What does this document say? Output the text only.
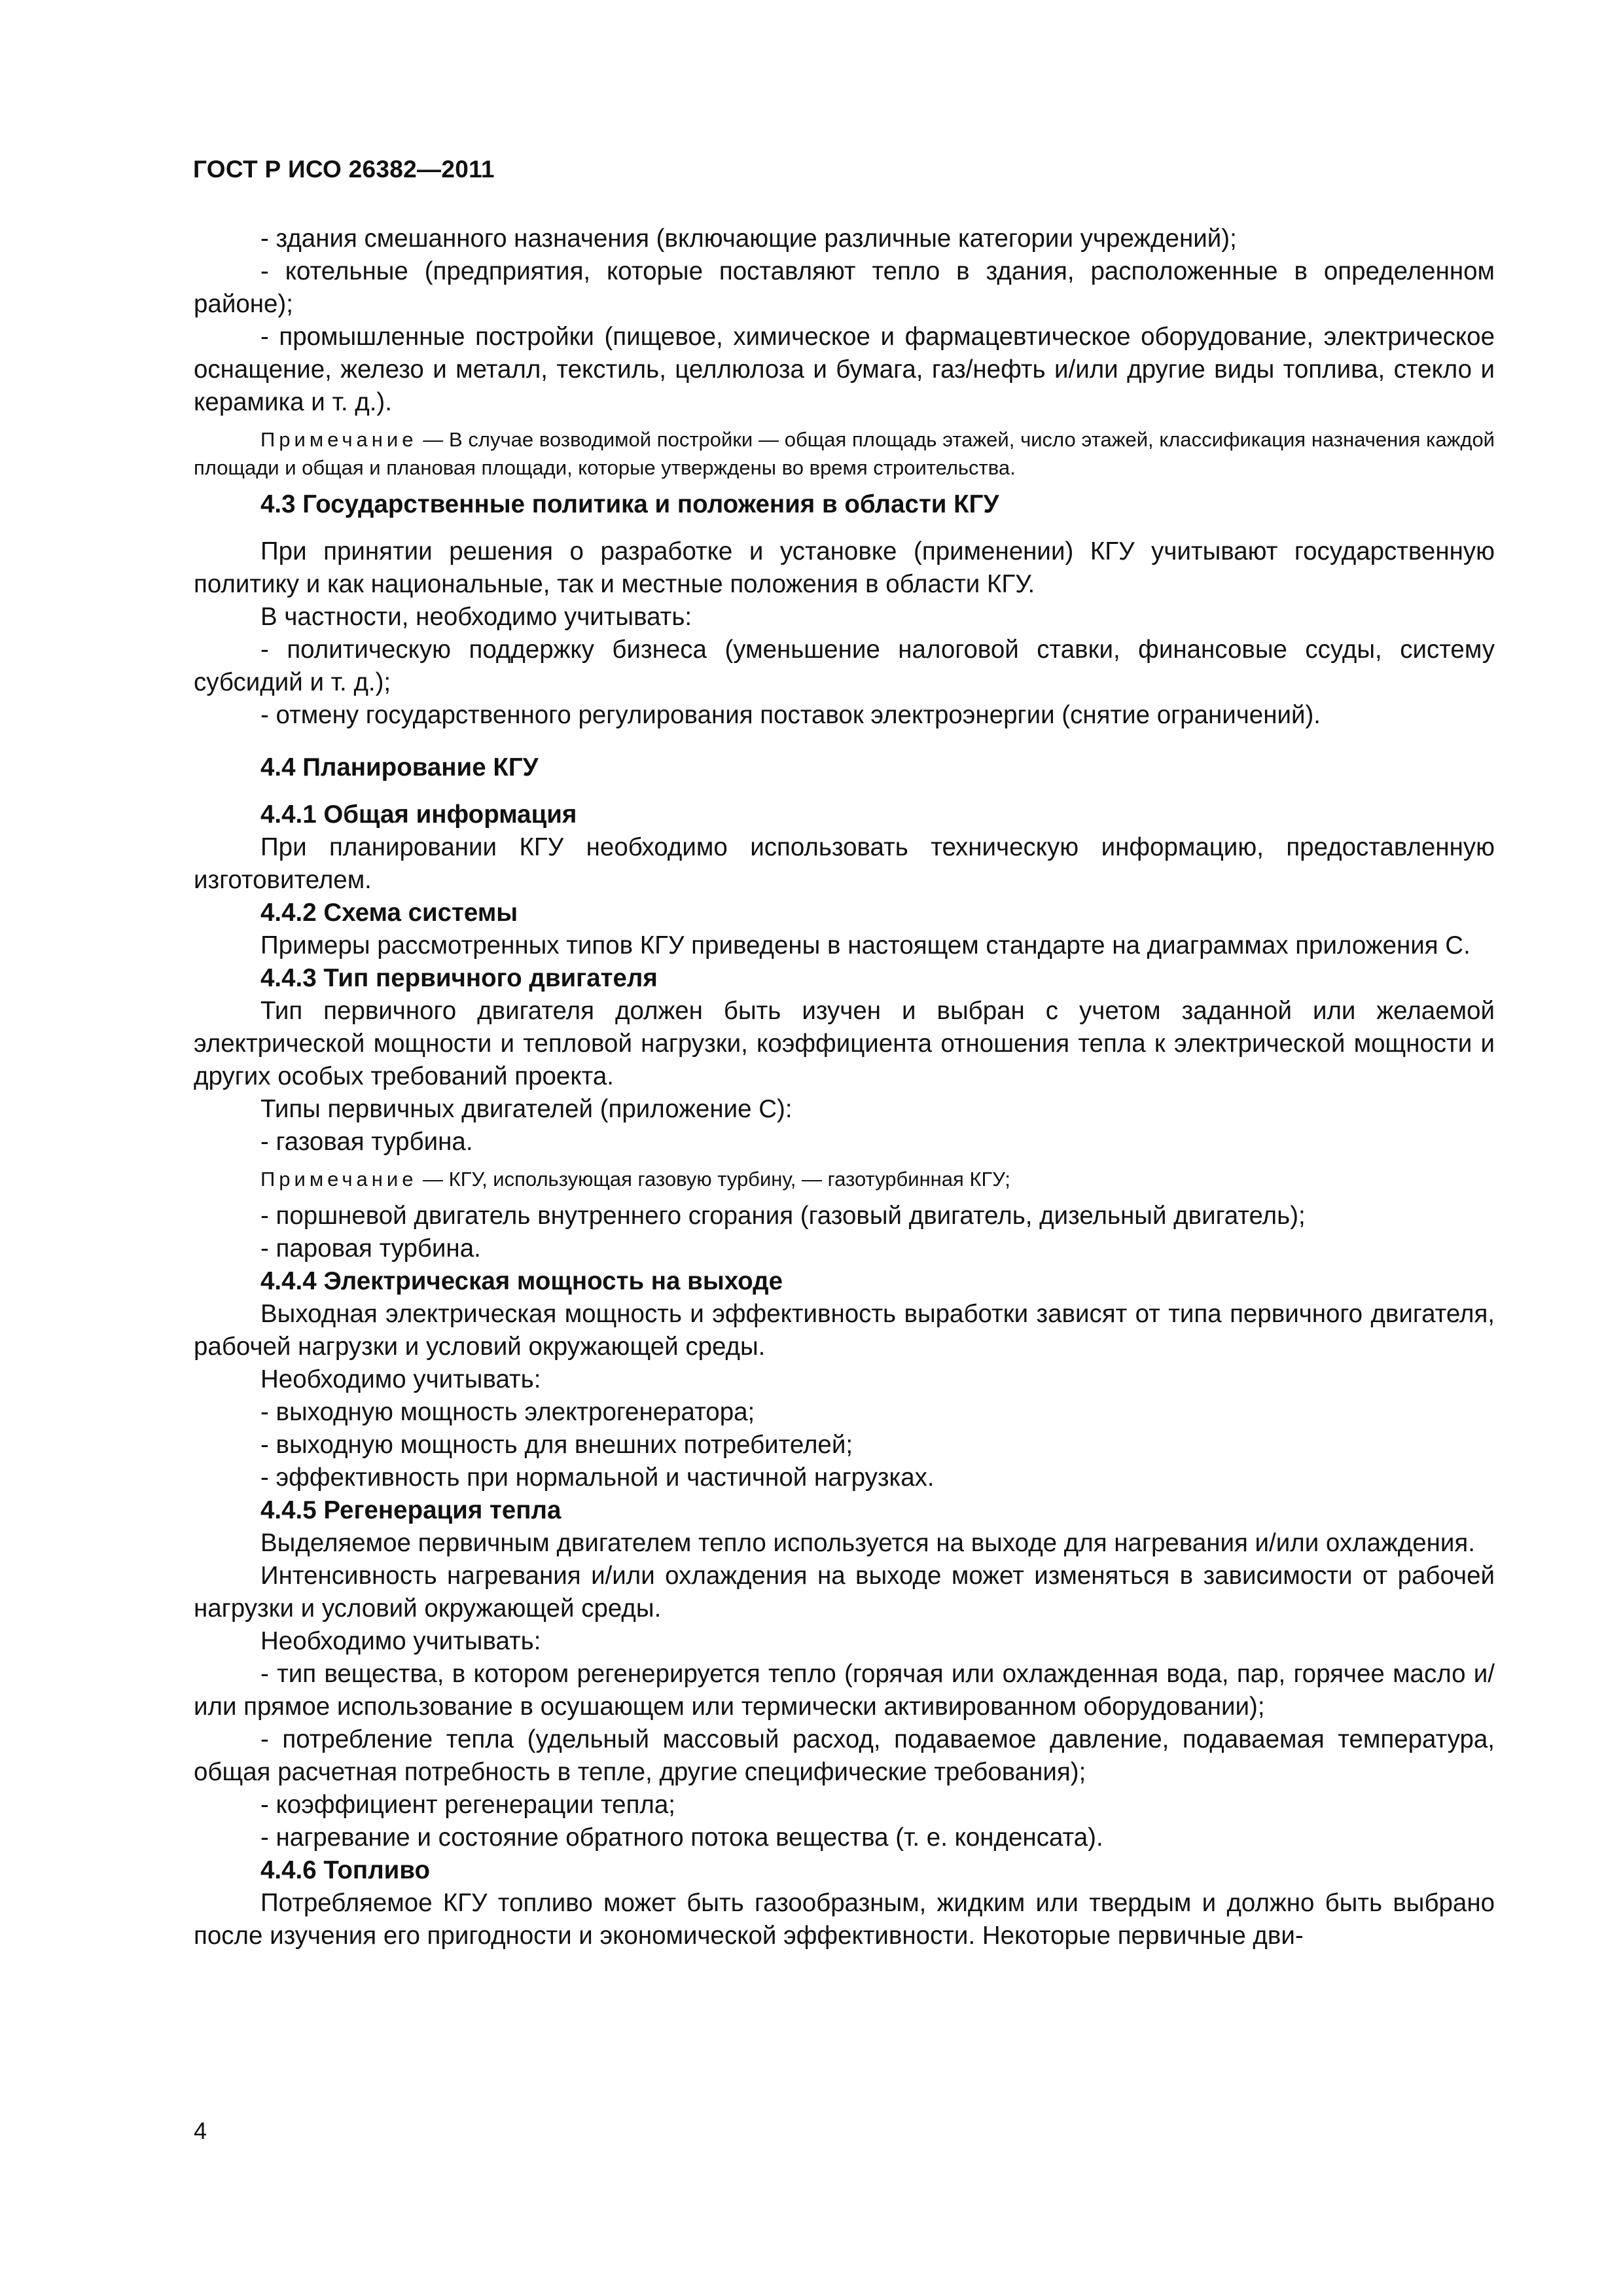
ГОСТ Р ИСО 26382—2011

- здания смешанного назначения (включающие различные категории учреждений);

- котельные (предприятия, которые поставляют тепло в здания, расположенные в определенном районе);

- промышленные постройки (пищевое, химическое и фармацевтическое оборудование, электрическое оснащение, железо и металл, текстиль, целлюлоза и бумага, газ/нефть и/или другие виды топлива, стекло и керамика и т. д.).

Примечание — В случае возводимой постройки — общая площадь этажей, число этажей, классификация назначения каждой площади и общая и плановая площади, которые утверждены во время строительства.

4.3 Государственные политика и положения в области КГУ

При принятии решения о разработке и установке (применении) КГУ учитывают государственную политику и как национальные, так и местные положения в области КГУ.

В частности, необходимо учитывать:

- политическую поддержку бизнеса (уменьшение налоговой ставки, финансовые ссуды, систему субсидий и т. д.);

- отмену государственного регулирования поставок электроэнергии (снятие ограничений).

4.4 Планирование КГУ

4.4.1 Общая информация

При планировании КГУ необходимо использовать техническую информацию, предоставленную изготовителем.

4.4.2 Схема системы

Примеры рассмотренных типов КГУ приведены в настоящем стандарте на диаграммах приложения С.

4.4.3 Тип первичного двигателя

Тип первичного двигателя должен быть изучен и выбран с учетом заданной или желаемой электрической мощности и тепловой нагрузки, коэффициента отношения тепла к электрической мощности и других особых требований проекта.

Типы первичных двигателей (приложение С):

- газовая турбина.

Примечание — КГУ, использующая газовую турбину, — газотурбинная КГУ;

- поршневой двигатель внутреннего сгорания (газовый двигатель, дизельный двигатель);

- паровая турбина.

4.4.4 Электрическая мощность на выходе

Выходная электрическая мощность и эффективность выработки зависят от типа первичного двигателя, рабочей нагрузки и условий окружающей среды.

Необходимо учитывать:

- выходную мощность электрогенератора;

- выходную мощность для внешних потребителей;

- эффективность при нормальной и частичной нагрузках.

4.4.5 Регенерация тепла

Выделяемое первичным двигателем тепло используется на выходе для нагревания и/или охлаждения.

Интенсивность нагревания и/или охлаждения на выходе может изменяться в зависимости от рабочей нагрузки и условий окружающей среды.

Необходимо учитывать:

- тип вещества, в котором регенерируется тепло (горячая или охлажденная вода, пар, горячее масло и/или прямое использование в осушающем или термически активированном оборудовании);

- потребление тепла (удельный массовый расход, подаваемое давление, подаваемая температура, общая расчетная потребность в тепле, другие специфические требования);

- коэффициент регенерации тепла;

- нагревание и состояние обратного потока вещества (т. е. конденсата).

4.4.6 Топливо

Потребляемое КГУ топливо может быть газообразным, жидким или твердым и должно быть выбрано после изучения его пригодности и экономической эффективности. Некоторые первичные дви-

4
